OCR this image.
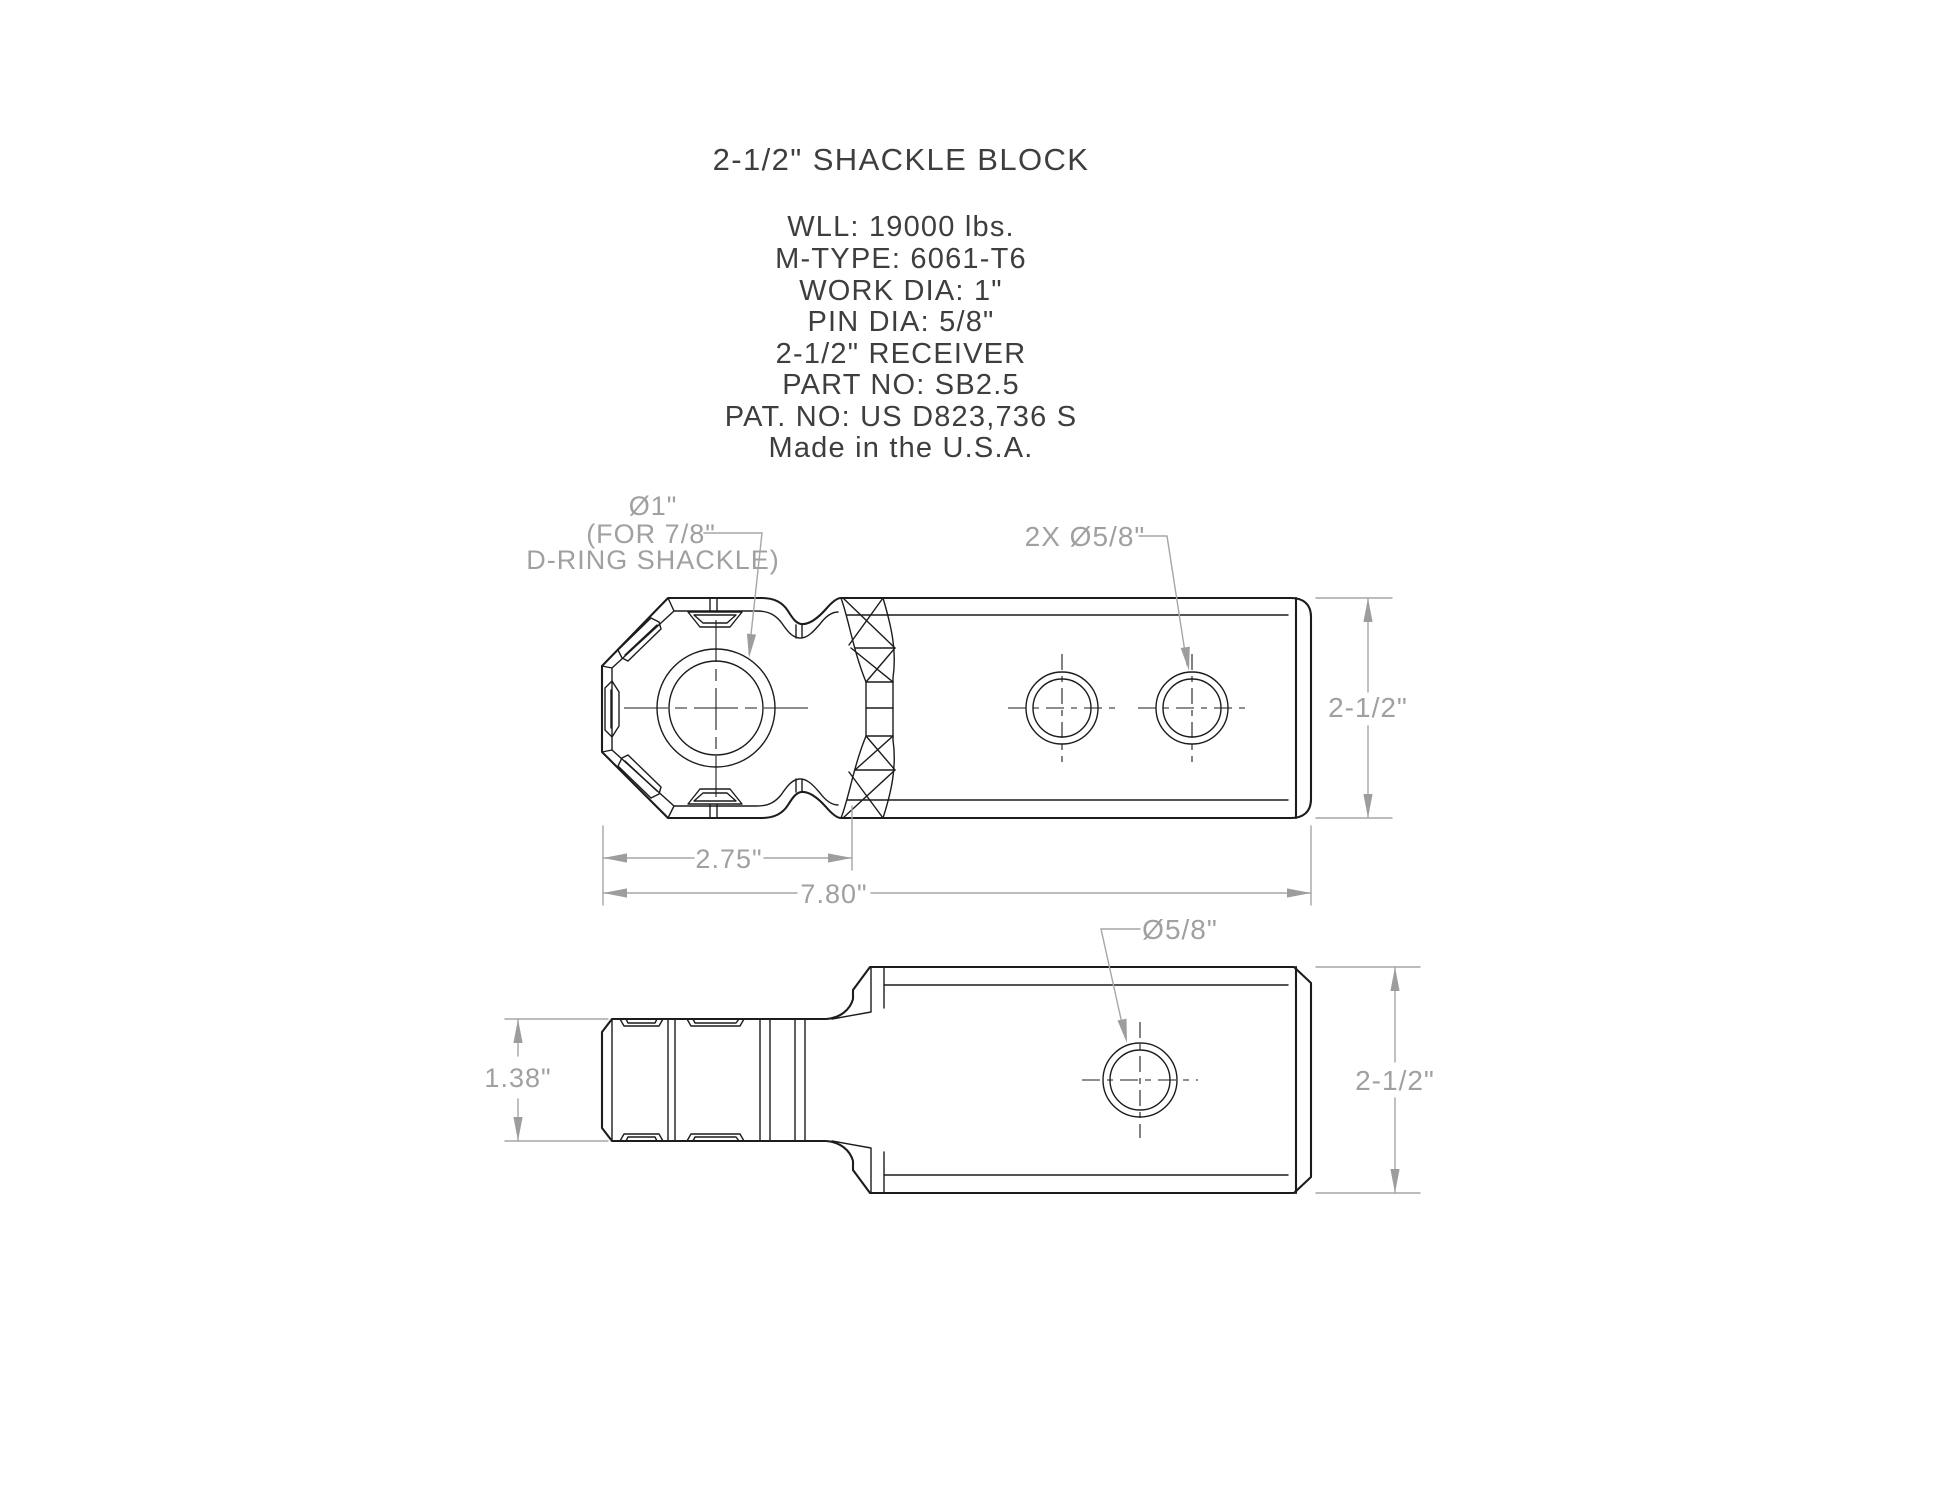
2-1/2" SHACKLE BLOCK
WLL: 19000 lbs.
M-TYPE: 6061-T6
WORK DIA: 1"
PIN DIA: 5/8"
2-1/2" RECEIVER
PART NO: SB2.5
PAT. NO: US D823,736 S
Made in the U.S.A.
2-1/2"
2.75"
7.80"
Ø1"
(FOR 7/8"
D-RING SHACKLE)
2X Ø5/8"
1.38"	2-1/2"
Ø5/8"
